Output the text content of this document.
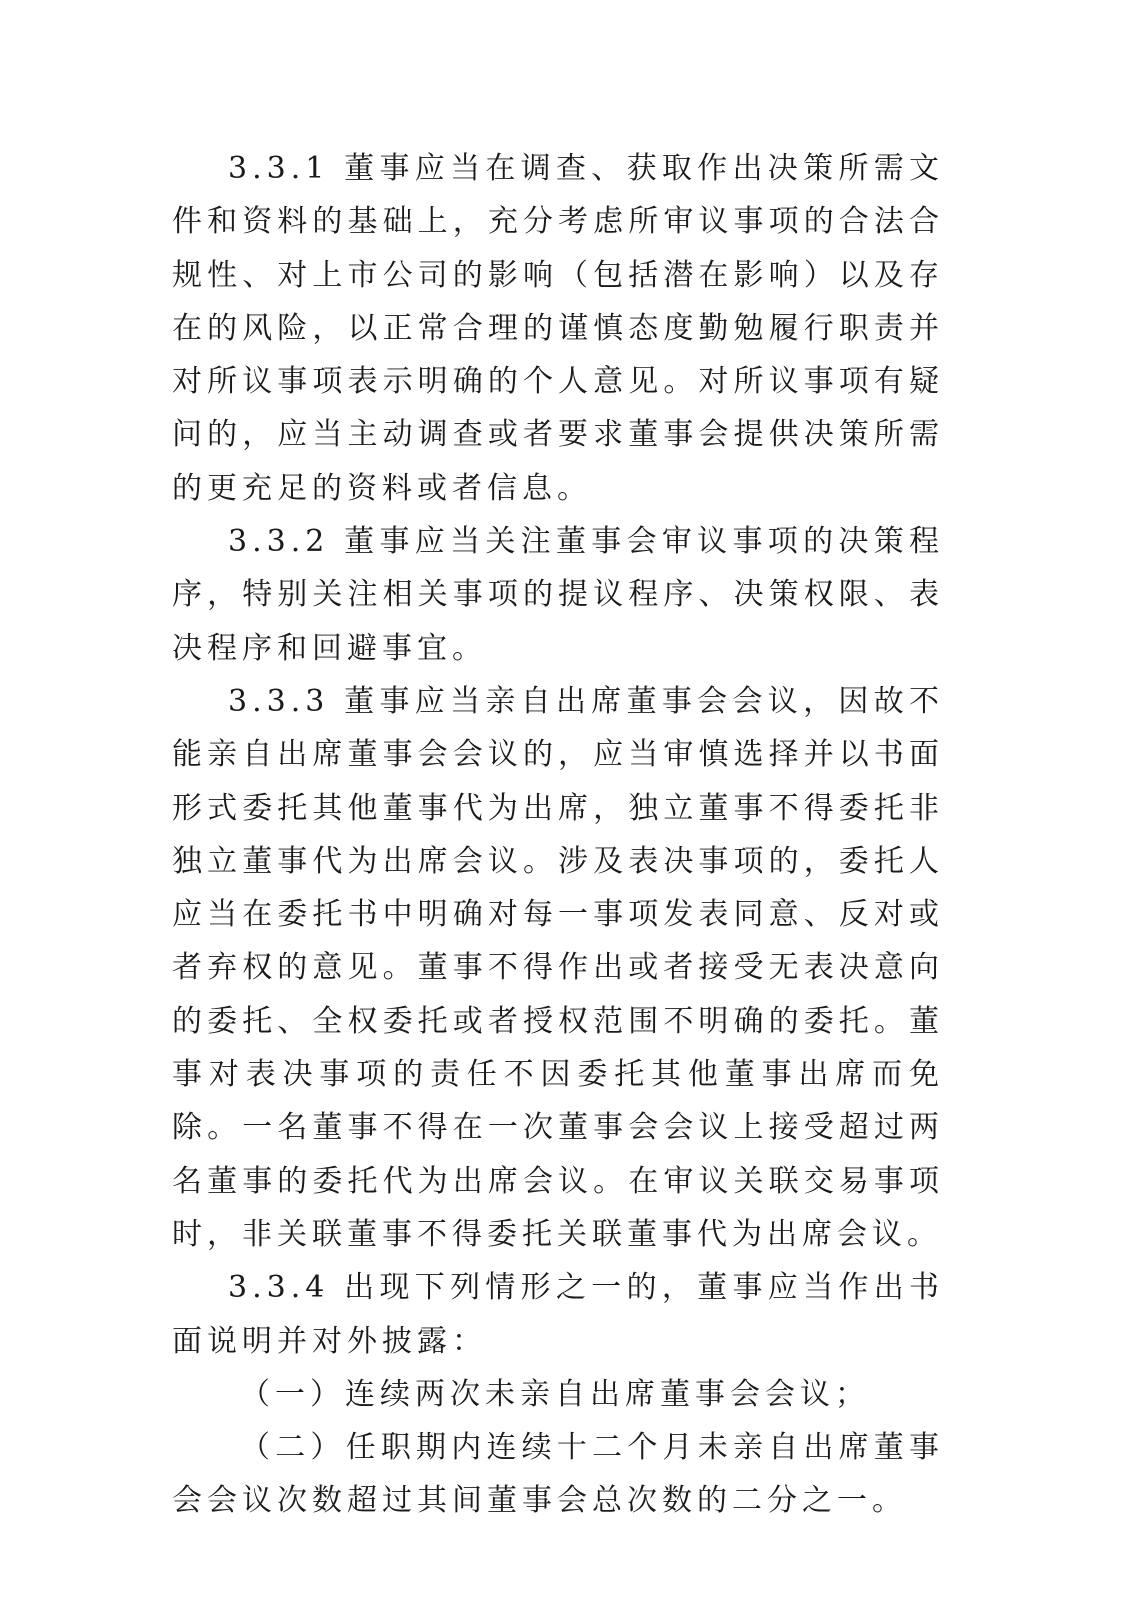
3.3.1 董事应当在调查、获取作出决策所需文件和资料的基础上，充分考虑所审议事项的合法合规性、对上市公司的影响（包括潜在影响）以及存在的风险，以正常合理的谨慎态度勤勉履行职责并对所议事项表示明确的个人意见。对所议事项有疑问的，应当主动调查或者要求董事会提供决策所需的更充足的资料或者信息。

3.3.2 董事应当关注董事会审议事项的决策程序，特别关注相关事项的提议程序、决策权限、表决程序和回避事宜。

3.3.3 董事应当亲自出席董事会会议，因故不能亲自出席董事会会议的，应当审慎选择并以书面形式委托其他董事代为出席，独立董事不得委托非独立董事代为出席会议。涉及表决事项的，委托人应当在委托书中明确对每一事项发表同意、反对或者弃权的意见。董事不得作出或者接受无表决意向的委托、全权委托或者授权范围不明确的委托。董事对表决事项的责任不因委托其他董事出席而免除。一名董事不得在一次董事会会议上接受超过两名董事的委托代为出席会议。在审议关联交易事项时，非关联董事不得委托关联董事代为出席会议。

3.3.4 出现下列情形之一的，董事应当作出书面说明并对外披露：

（一）连续两次未亲自出席董事会会议；

（二）任职期内连续十二个月未亲自出席董事会会议次数超过其间董事会总次数的二分之一。
